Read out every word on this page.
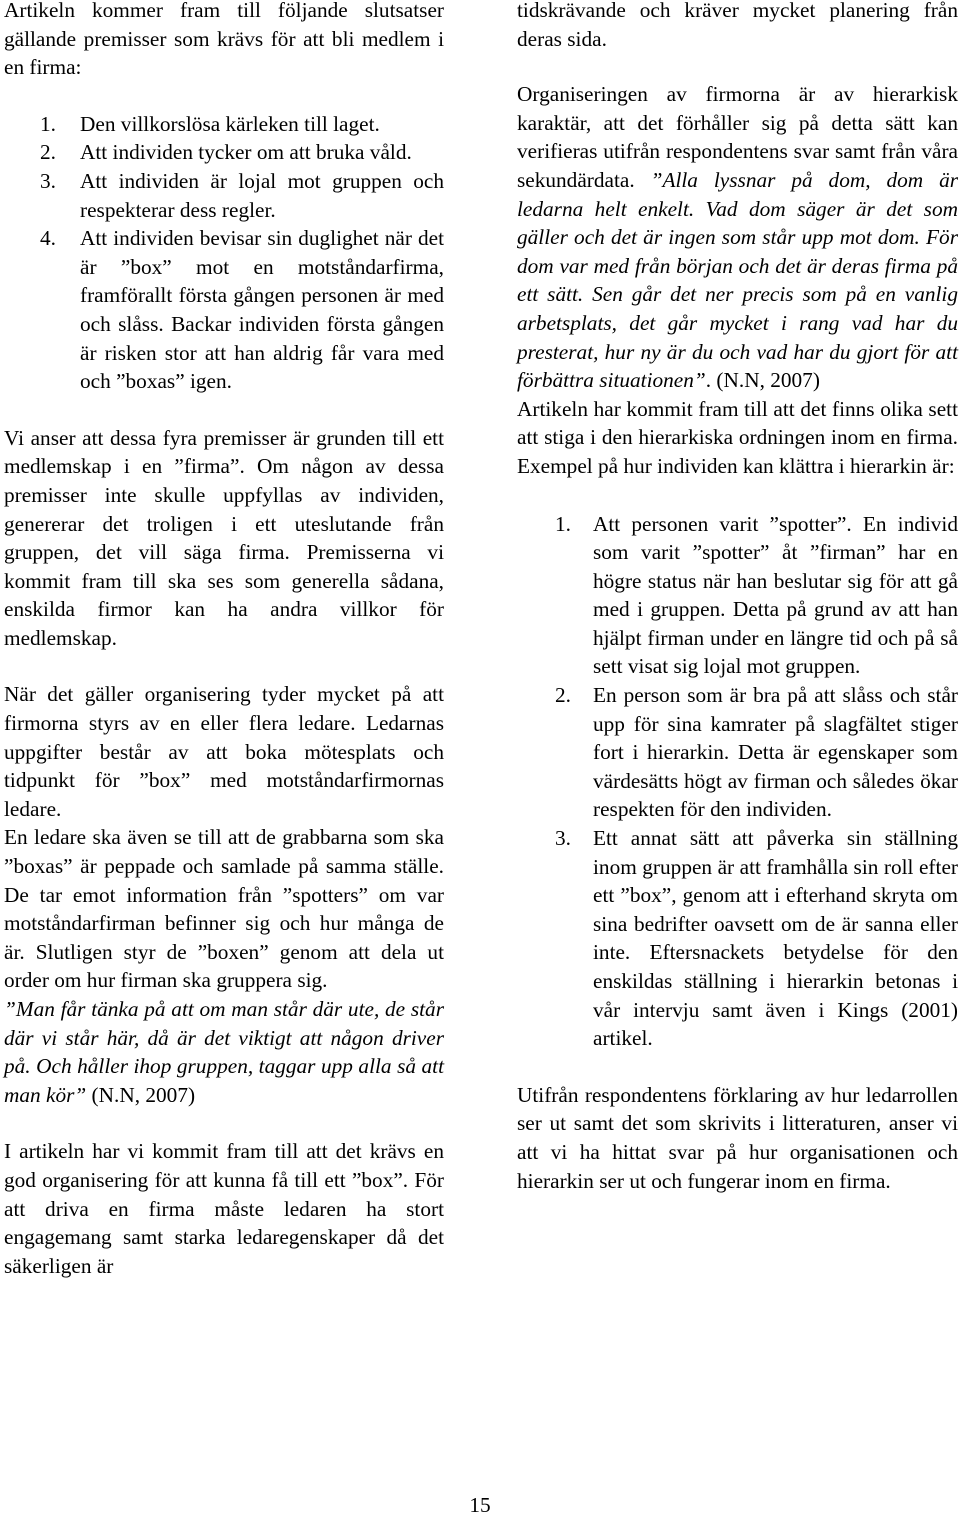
Artikeln kommer fram till följande slutsatser gällande premisser som krävs för att bli medlem i en firma:

1. Den villkorslösa kärleken till laget.
2. Att individen tycker om att bruka våld.
3. Att individen är lojal mot gruppen och respekterar dess regler.
4. Att individen bevisar sin duglighet när det är ”box” mot en motståndarfirma, framförallt första gången personen är med och slåss. Backar individen första gången är risken stor att han aldrig får vara med och ”boxas” igen.

Vi anser att dessa fyra premisser är grunden till ett medlemskap i en ”firma”. Om någon av dessa premisser inte skulle uppfyllas av individen, genererar det troligen i ett uteslutande från gruppen, det vill säga firma. Premisserna vi kommit fram till ska ses som generella sådana, enskilda firmor kan ha andra villkor för medlemskap.

När det gäller organisering tyder mycket på att firmorna styrs av en eller flera ledare. Ledarnas uppgifter består av att boka mötesplats och tidpunkt för ”box” med motståndarfirmornas ledare.

En ledare ska även se till att de grabbarna som ska ”boxas” är peppade och samlade på samma ställe. De tar emot information från ”spotters” om var motståndarfirman befinner sig och hur många de är. Slutligen styr de ”boxen” genom att dela ut order om hur firman ska gruppera sig.

”Man får tänka på att om man står där ute, de står där vi står här, då är det viktigt att någon driver på. Och håller ihop gruppen, taggar upp alla så att man kör” (N.N, 2007)

I artikeln har vi kommit fram till att det krävs en god organisering för att kunna få till ett ”box”. För att driva en firma måste ledaren ha stort engagemang samt starka ledaregenskaper då det säkerligen är

tidskrävande och kräver mycket planering från deras sida.

Organiseringen av firmorna är av hierarkisk karaktär, att det förhåller sig på detta sätt kan verifieras utifrån respondentens svar samt från våra sekundärdata. ”Alla lyssnar på dom, dom är ledarna helt enkelt. Vad dom säger är det som gäller och det är ingen som står upp mot dom. För dom var med från början och det är deras firma på ett sätt. Sen går det ner precis som på en vanlig arbetsplats, det går mycket i rang vad har du presterat, hur ny är du och vad har du gjort för att förbättra situationen”. (N.N, 2007)

Artikeln har kommit fram till att det finns olika sett att stiga i den hierarkiska ordningen inom en firma. Exempel på hur individen kan klättra i hierarkin är:

1. Att personen varit ”spotter”. En individ som varit ”spotter” åt ”firman” har en högre status när han beslutar sig för att gå med i gruppen. Detta på grund av att han hjälpt firman under en längre tid och på så sett visat sig lojal mot gruppen.
2. En person som är bra på att slåss och står upp för sina kamrater på slagfältet stiger fort i hierarkin. Detta är egenskaper som värdesätts högt av firman och således ökar respekten för den individen.
3. Ett annat sätt att påverka sin ställning inom gruppen är att framhålla sin roll efter ett ”box”, genom att i efterhand skryta om sina bedrifter oavsett om de är sanna eller inte. Eftersnackets betydelse för den enskildas ställning i hierarkin betonas i vår intervju samt även i Kings (2001) artikel.

Utifrån respondentens förklaring av hur ledarrollen ser ut samt det som skrivits i litteraturen, anser vi att vi ha hittat svar på hur organisationen och hierarkin ser ut och fungerar inom en firma.

15
